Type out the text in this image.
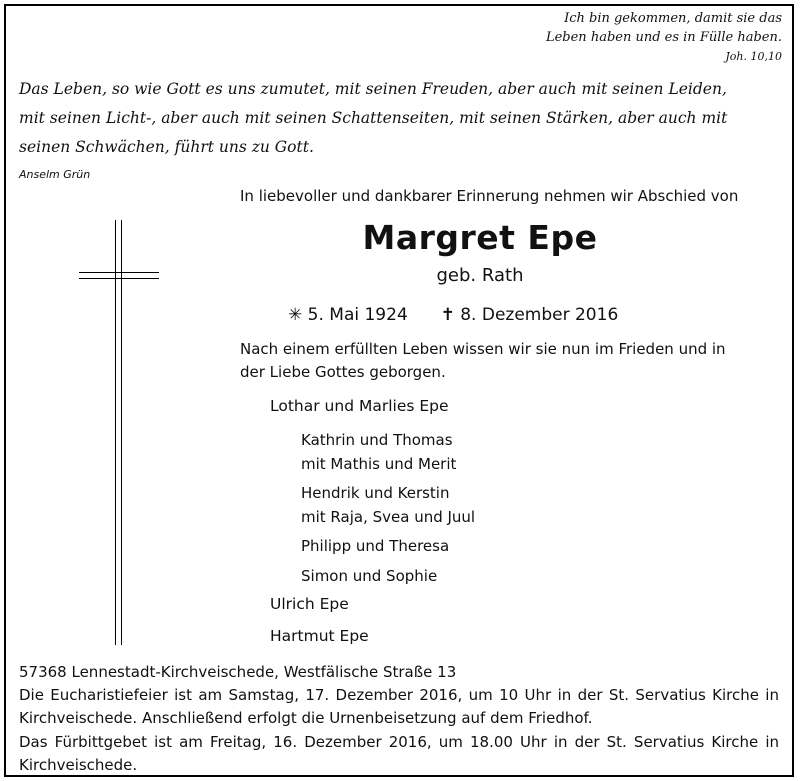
Ich bin gekommen, damit sie das
Leben haben und es in Fülle haben.
Joh. 10,10
Das Leben, so wie Gott es uns zumutet, mit seinen Freuden, aber auch mit seinen Leiden,
mit seinen Licht-, aber auch mit seinen Schattenseiten, mit seinen Stärken, aber auch mit
seinen Schwächen, führt uns zu Gott.
Anselm Grün
In liebevoller und dankbarer Erinnerung nehmen wir Abschied von
Margret Epe
geb. Rath
✳ 5. Mai 1924 ✝ 8. Dezember 2016
Nach einem erfüllten Leben wissen wir sie nun im Frieden und in
der Liebe Gottes geborgen.
Lothar und Marlies Epe
Kathrin und Thomas
mit Mathis und Merit
Hendrik und Kerstin
mit Raja, Svea und Juul
Philipp und Theresa
Simon und Sophie
Ulrich Epe
Hartmut Epe
57368 Lennestadt-Kirchveischede, Westfälische Straße 13
Die Eucharistiefeier ist am Samstag, 17. Dezember 2016, um 10 Uhr in der St. Servatius Kirche in Kirchveischede. Anschließend erfolgt die Urnenbeisetzung auf dem Friedhof.
Das Fürbittgebet ist am Freitag, 16. Dezember 2016, um 18.00 Uhr in der St. Servatius Kirche in Kirchveischede.
